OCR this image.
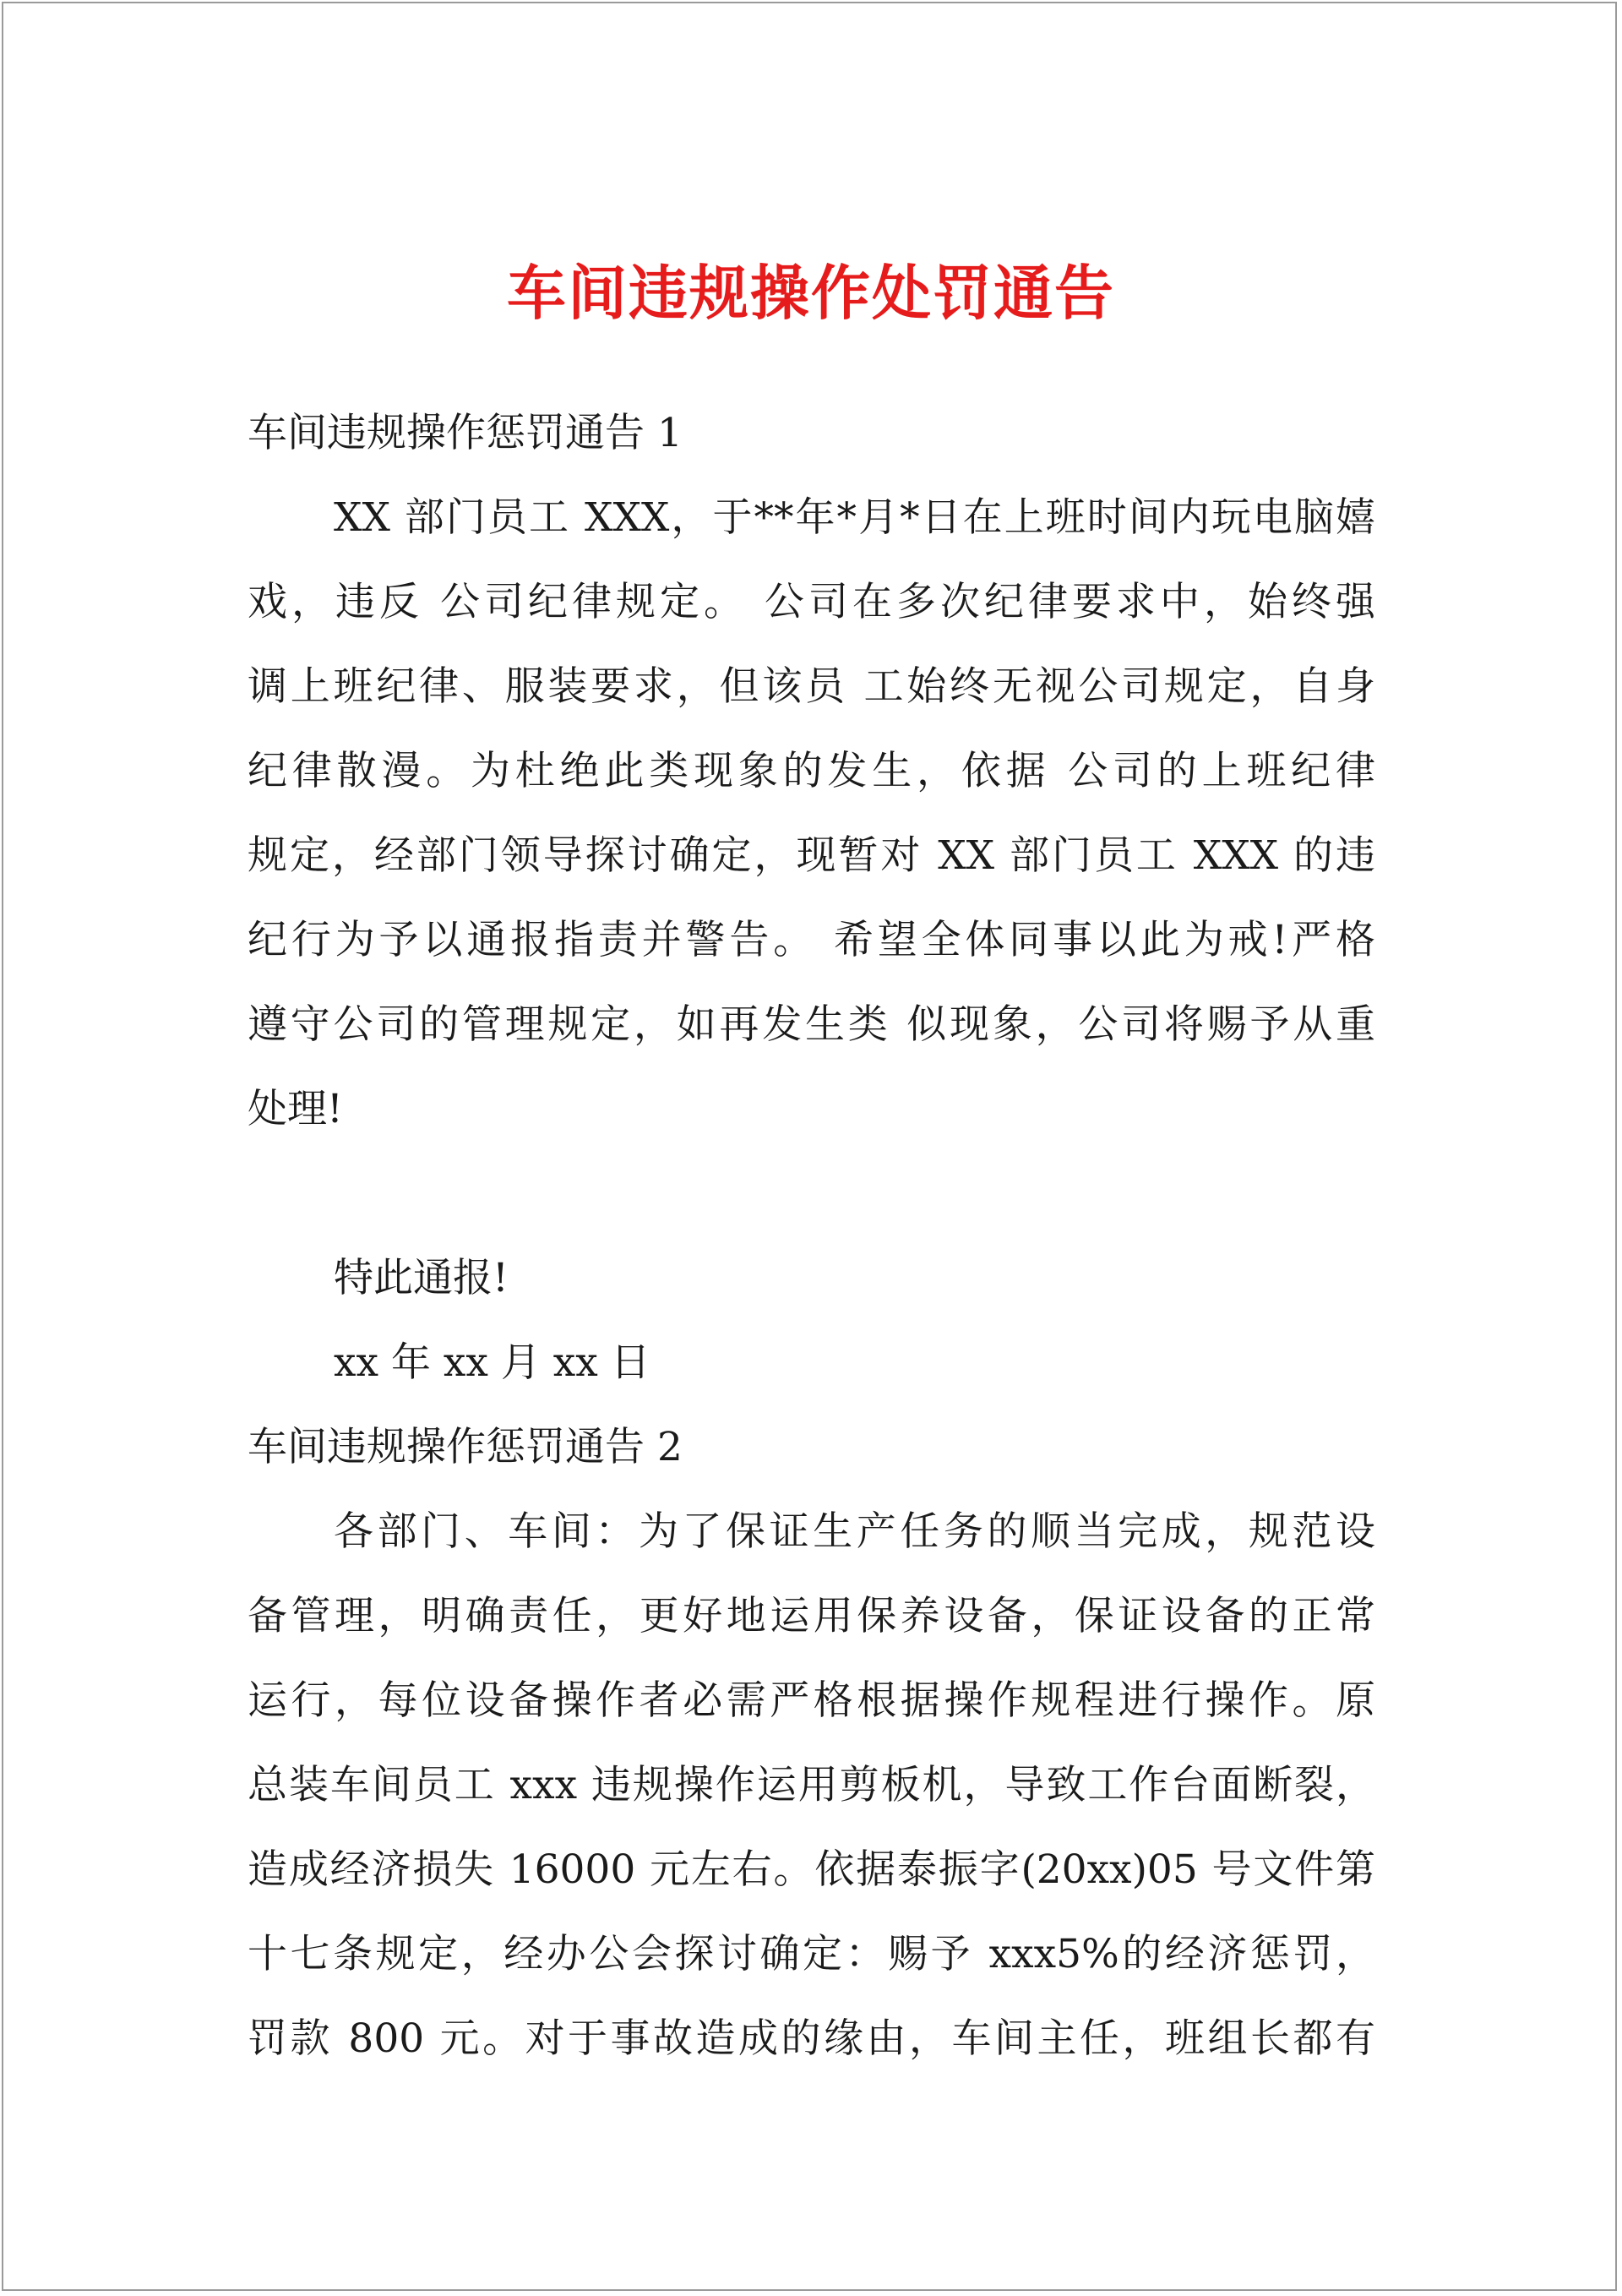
车间违规操作处罚通告
车间违规操作惩罚通告 1
XX 部门员工 XXX，于**年*月*日在上班时间内玩电脑嬉
戏，违反 公司纪律规定。 公司在多次纪律要求中，始终强
调上班纪律、服装要求，但该员 工始终无视公司规定，自身
纪律散漫。为杜绝此类现象的发生，依据 公司的上班纪律
规定，经部门领导探讨确定，现暂对 XX 部门员工 XXX 的违
纪行为予以通报指责并警告。 希望全体同事以此为戒!严格
遵守公司的管理规定，如再发生类 似现象，公司将赐予从重
处理!
特此通报!
xx 年 xx 月 xx 日
车间违规操作惩罚通告 2
各部门、车间：为了保证生产任务的顺当完成，规范设
备管理，明确责任，更好地运用保养设备，保证设备的正常
运行，每位设备操作者必需严格根据操作规程进行操作。原
总装车间员工 xxx 违规操作运用剪板机，导致工作台面断裂，
造成经济损失 16000 元左右。依据泰振字(20xx)05 号文件第
十七条规定，经办公会探讨确定：赐予 xxx5%的经济惩罚，
罚款 800 元。对于事故造成的缘由，车间主任，班组长都有
